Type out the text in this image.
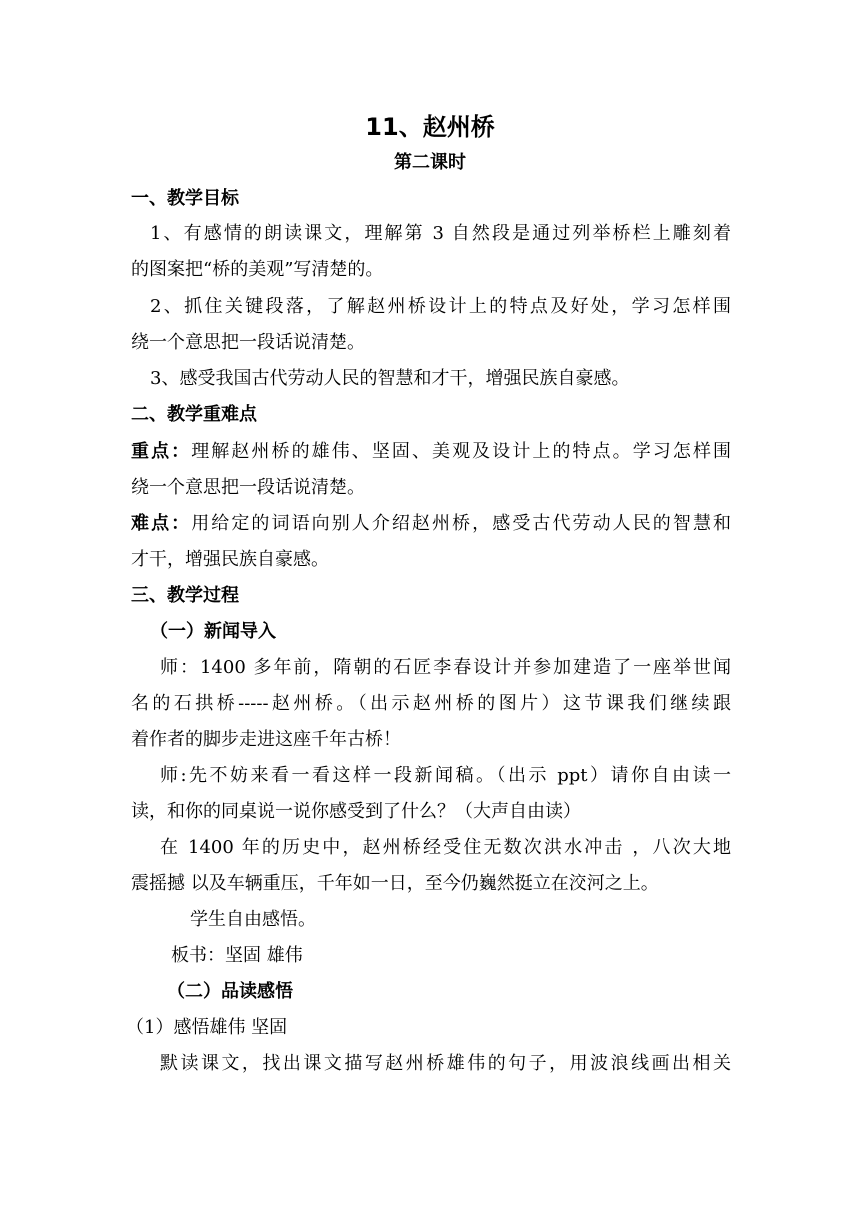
11、赵州桥
第二课时
一、教学目标
1、有感情的朗读课文，理解第 3 自然段是通过列举桥栏上雕刻着
的图案把“桥的美观”写清楚的。
2、抓住关键段落，了解赵州桥设计上的特点及好处，学习怎样围
绕一个意思把一段话说清楚。
3、感受我国古代劳动人民的智慧和才干，增强民族自豪感。
二、教学重难点
重点：理解赵州桥的雄伟、坚固、美观及设计上的特点。学习怎样围
绕一个意思把一段话说清楚。
难点：用给定的词语向别人介绍赵州桥，感受古代劳动人民的智慧和
才干，增强民族自豪感。
三、教学过程
（一）新闻导入
师：1400 多年前，隋朝的石匠李春设计并参加建造了一座举世闻
名的石拱桥-----赵州桥。（出示赵州桥的图片）这节课我们继续跟
着作者的脚步走进这座千年古桥！
师:先不妨来看一看这样一段新闻稿。（出示 ppt）请你自由读一
读，和你的同桌说一说你感受到了什么？（大声自由读）
在 1400 年的历史中，赵州桥经受住无数次洪水冲击 ，八次大地
震摇撼 以及车辆重压，千年如一日，至今仍巍然挺立在洨河之上。
学生自由感悟。
板书：坚固 雄伟
（二）品读感悟
（1）感悟雄伟 坚固
默读课文，找出课文描写赵州桥雄伟的句子，用波浪线画出相关
